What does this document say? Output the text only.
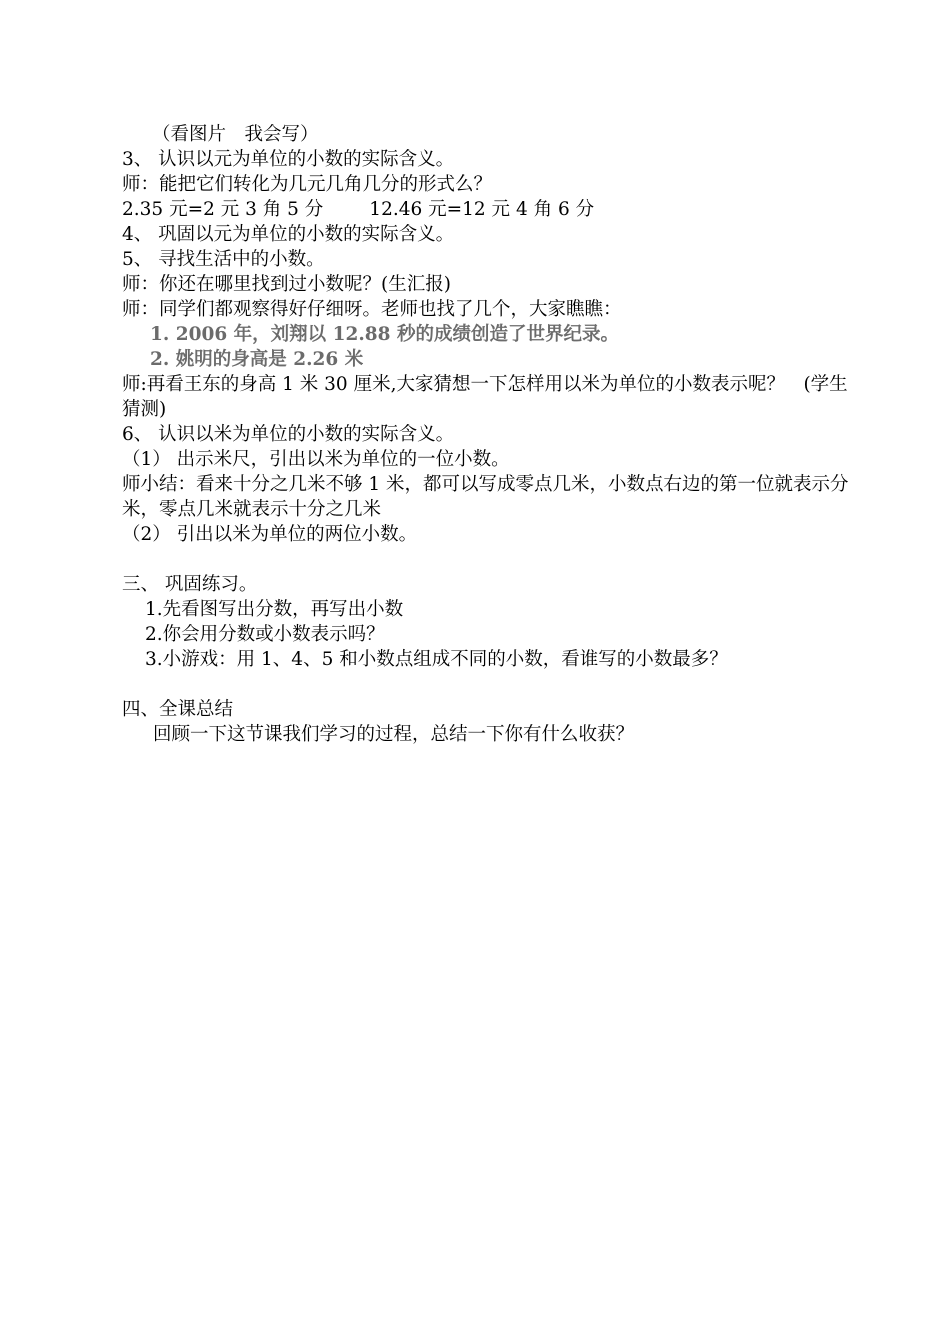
（看图片　我会写）
3、 认识以元为单位的小数的实际含义。
师：能把它们转化为几元几角几分的形式么？
2.35 元=2 元 3 角 5 分 12.46 元=12 元 4 角 6 分
4、 巩固以元为单位的小数的实际含义。
5、 寻找生活中的小数。
师：你还在哪里找到过小数呢？(生汇报)
师：同学们都观察得好仔细呀。老师也找了几个，大家瞧瞧：
1. 2006 年，刘翔以 12.88 秒的成绩创造了世界纪录。
2. 姚明的身高是 2.26 米
师:再看王东的身高 1 米 30 厘米,大家猜想一下怎样用以米为单位的小数表示呢？　(学生猜测)
6、 认识以米为单位的小数的实际含义。
（1） 出示米尺，引出以米为单位的一位小数。
师小结：看来十分之几米不够 1 米，都可以写成零点几米，小数点右边的第一位就表示分米，零点几米就表示十分之几米
（2） 引出以米为单位的两位小数。
三、 巩固练习。
1.先看图写出分数，再写出小数
2.你会用分数或小数表示吗？
3.小游戏：用 1、4、5 和小数点组成不同的小数，看谁写的小数最多？
四、全课总结
回顾一下这节课我们学习的过程，总结一下你有什么收获？
